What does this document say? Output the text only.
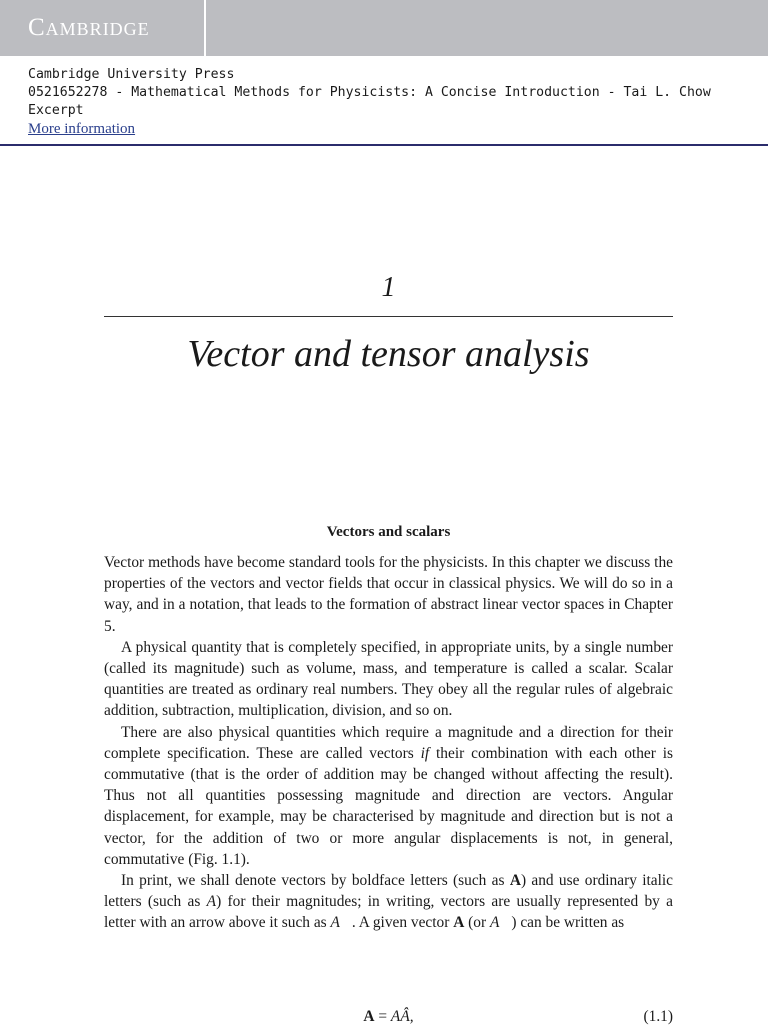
Cambridge
Cambridge University Press
0521652278 - Mathematical Methods for Physicists: A Concise Introduction - Tai L. Chow
Excerpt
More information
1
Vector and tensor analysis
Vectors and scalars

Vector methods have become standard tools for the physicists. In this chapter we discuss the properties of the vectors and vector fields that occur in classical physics. We will do so in a way, and in a notation, that leads to the formation of abstract linear vector spaces in Chapter 5.

A physical quantity that is completely specified, in appropriate units, by a single number (called its magnitude) such as volume, mass, and temperature is called a scalar. Scalar quantities are treated as ordinary real numbers. They obey all the regular rules of algebraic addition, subtraction, multiplication, division, and so on.

There are also physical quantities which require a magnitude and a direction for their complete specification. These are called vectors if their combination with each other is commutative (that is the order of addition may be changed without affecting the result). Thus not all quantities possessing magnitude and direction are vectors. Angular displacement, for example, may be characterised by magnitude and direction but is not a vector, for the addition of two or more angular displacements is not, in general, commutative (Fig. 1.1).

In print, we shall denote vectors by boldface letters (such as A) and use ordinary italic letters (such as A) for their magnitudes; in writing, vectors are usually represented by a letter with an arrow above it such as A⃗. A given vector A (or A⃗) can be written as

A = AÂ,	(1.1)
